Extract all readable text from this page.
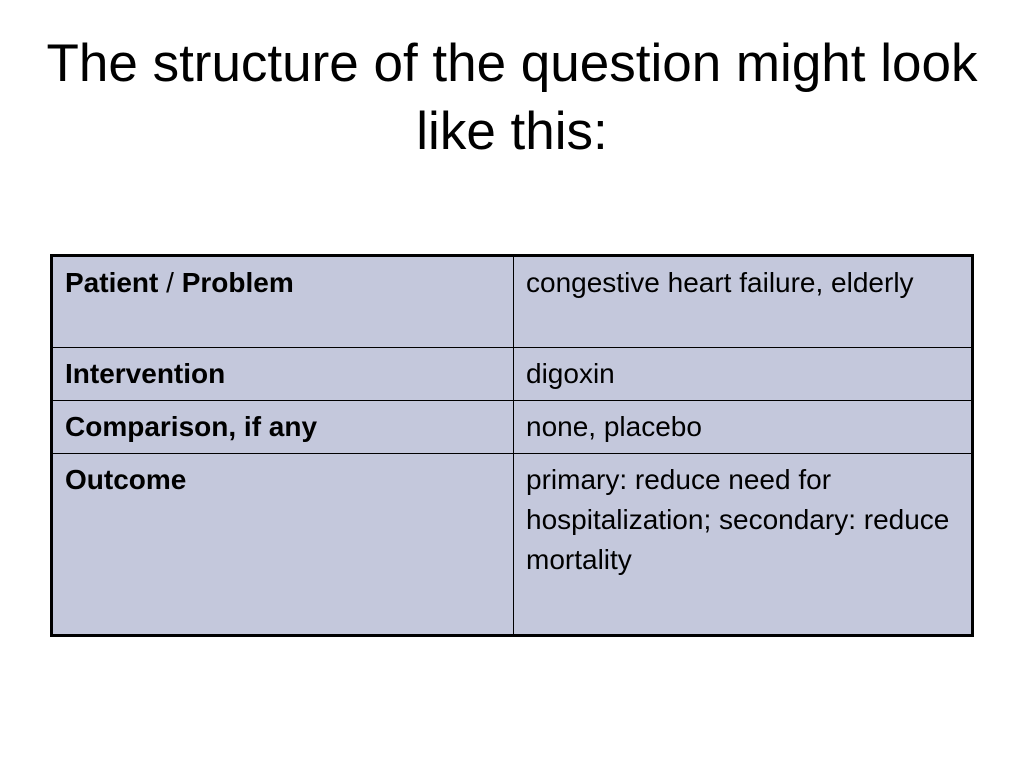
The structure of the question might look like this:
Patient / Problem	congestive heart failure, elderly
Intervention	digoxin
Comparison, if any	none, placebo
Outcome	primary: reduce need for hospitalization; secondary: reduce mortality
